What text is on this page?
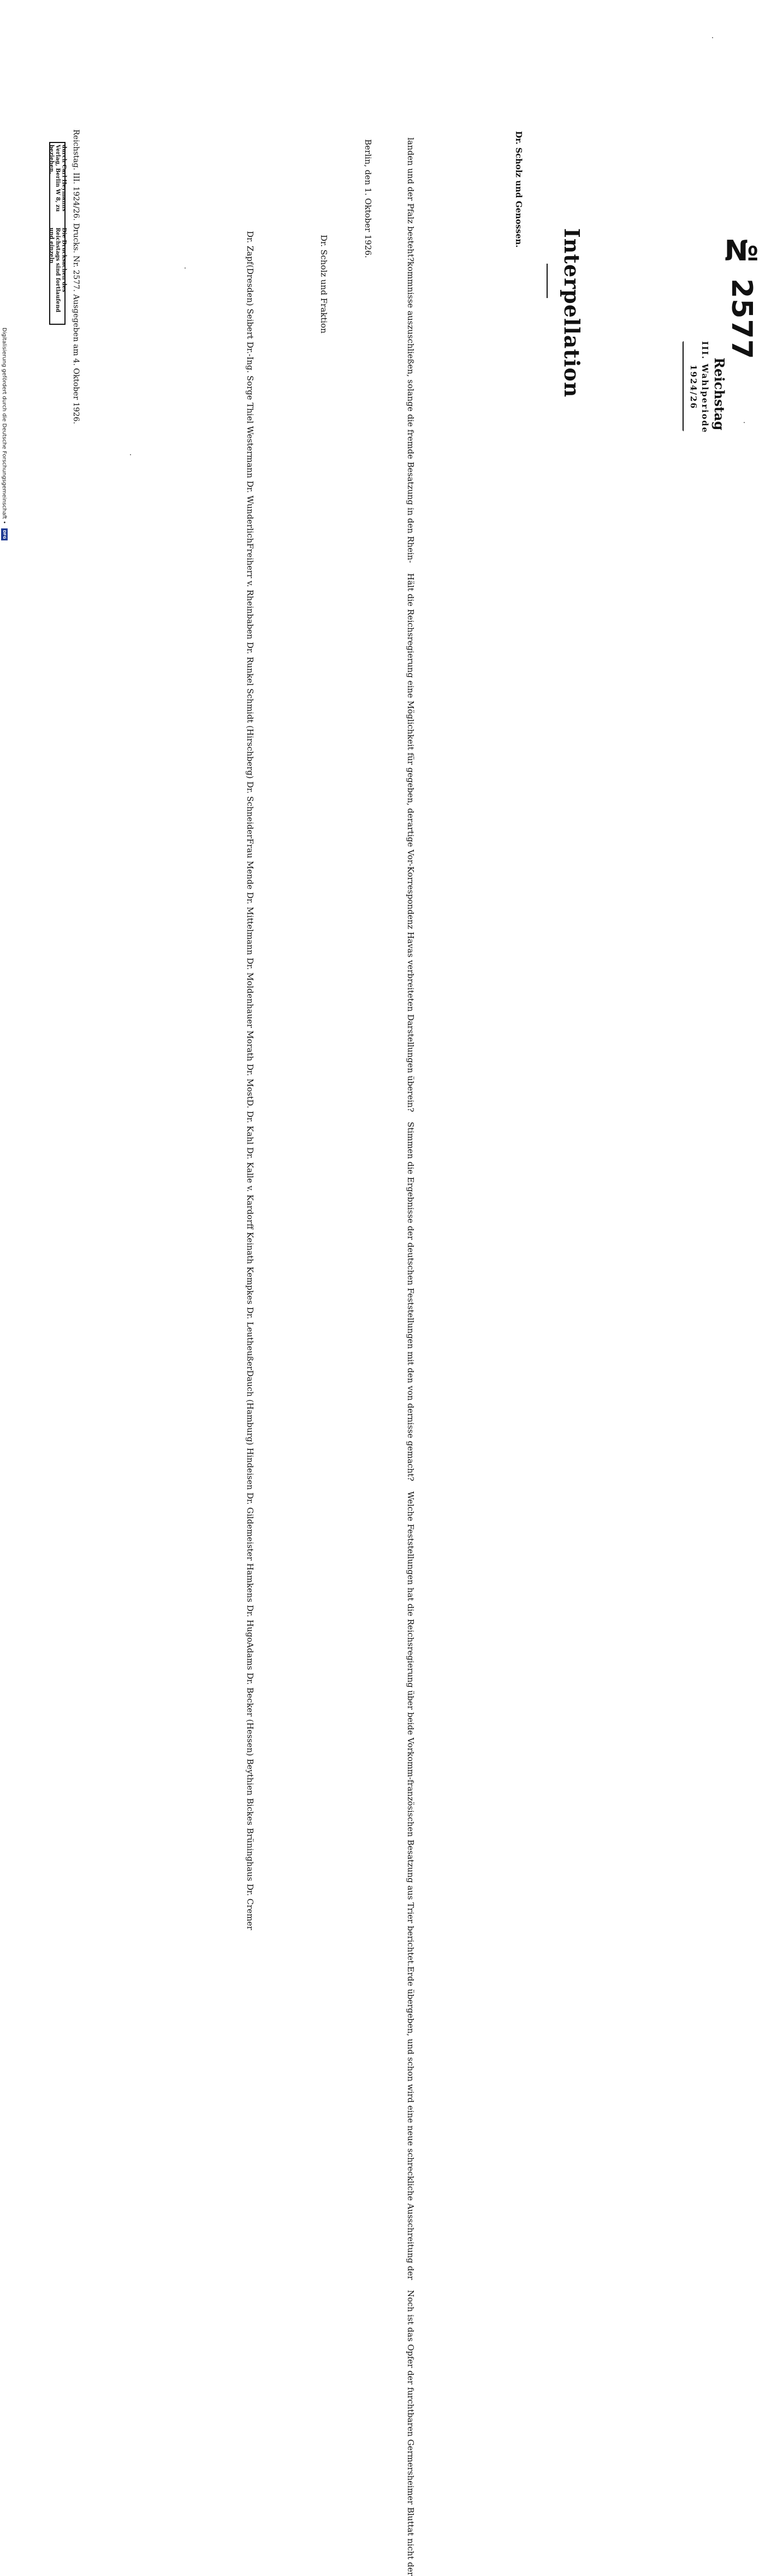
№ 2577
Reichstag
III. Wahlperiode
1924/26
Interpellation
Dr. Scholz und Genossen.

Noch ist das Opfer der furchtbaren Germersheimer Bluttat nicht der

Erde übergeben, und schon wird eine neue schreckliche Ausschreitung der

französischen Besatzung aus Trier berichtet.

Welche Feststellungen hat die Reichsregierung über beide Vorkomm-

nisse gemacht?

Stimmen die Ergebnisse der deutschen Feststellungen mit den von der

Korrespondenz Havas verbreiteten Darstellungen überein?

Hält die Reichsregierung eine Möglichkeit für gegeben, derartige Vor-

kommnisse auszuschließen, solange die fremde Besatzung in den Rhein-

landen und der Pfalz besteht?

Berlin, den 1. Oktober 1926.
Dr. Scholz und Fraktion
Adams Dr. Becker (Hessen) Beythien Bickes Brüninghaus Dr. Cremer
Dauch (Hamburg) Hindeisen Dr. Gildemeister Hamkens Dr. Hugo
D. Dr. Kahl Dr. Kalle v. Kardorff Keinath Kempkes Dr. Leutheußer
Frau Mende Dr. Mittelmann Dr. Moldenhauer Morath Dr. Most
Freiherr v. Rheinbaben Dr. Runkel Schmidt (Hirschberg) Dr. Schneider
(Dresden) Seibert Dr.-Ing. Sorge Thiel Westermann Dr. Wunderlich
Dr. Zapf
Reichstag. III. 1924/26. Drucks. Nr. 2577. Ausgegeben am 4. Oktober 1926.
Die Drucksachen des Reichstags sind fortlaufend und einzeln
durch Carl Heymanns Verlag, Berlin W 8, zu beziehen.
Digitalisierung gefördert durch die Deutsche Forschungsgemeinschaft •
DFG
